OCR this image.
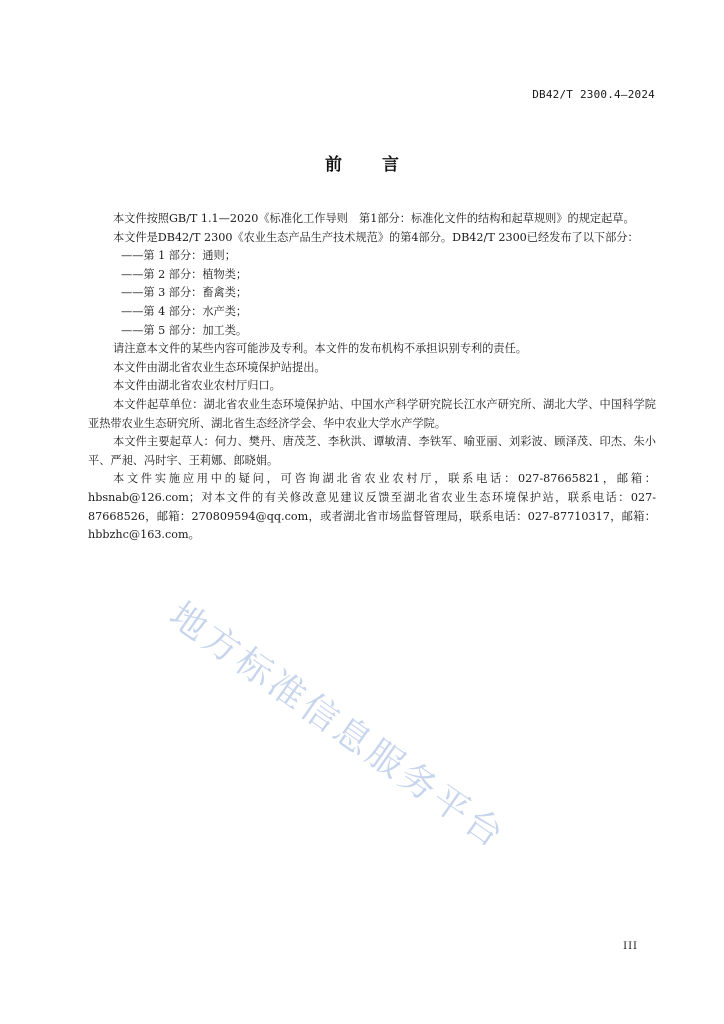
DB42/T 2300.4—2024
前言

本文件按照GB/T 1.1—2020《标准化工作导则　第1部分：标准化文件的结构和起草规则》的规定起草。

本文件是DB42/T 2300《农业生态产品生产技术规范》的第4部分。DB42/T 2300已经发布了以下部分：

——第 1 部分：通则；

——第 2 部分：植物类；

——第 3 部分：畜禽类；

——第 4 部分：水产类；

——第 5 部分：加工类。

请注意本文件的某些内容可能涉及专利。本文件的发布机构不承担识别专利的责任。

本文件由湖北省农业生态环境保护站提出。

本文件由湖北省农业农村厅归口。

本文件起草单位：湖北省农业生态环境保护站、中国水产科学研究院长江水产研究所、湖北大学、中国科学院亚热带农业生态研究所、湖北省生态经济学会、华中农业大学水产学院。

本文件主要起草人：何力、樊丹、唐茂芝、李秋洪、谭敏清、李铁军、喻亚丽、刘彩波、顾泽茂、印杰、朱小平、严昶、冯时宇、王莉娜、郎晓娟。

本文件实施应用中的疑问，可咨询湖北省农业农村厅，联系电话：027-87665821，邮箱：hbsnab@126.com；对本文件的有关修改意见建议反馈至湖北省农业生态环境保护站，联系电话：027-87668526，邮箱：270809594@qq.com，或者湖北省市场监督管理局，联系电话：027-87710317，邮箱：hbbzhc@163.com。

地方标准信息服务平台
III
